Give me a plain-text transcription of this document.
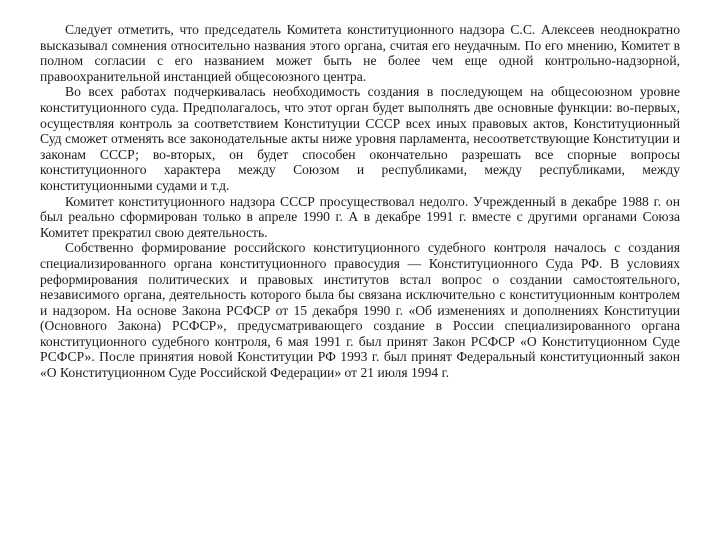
Следует отметить, что председатель Комитета конституционного надзора С.С. Алексеев неоднократно высказывал сомнения относительно названия этого органа, считая его неудачным. По его мнению, Комитет в полном согласии с его названием может быть не более чем еще одной контрольно-надзорной, правоохранительной инстанцией общесоюзного центра.

Во всех работах подчеркивалась необходимость создания в последующем на общесоюзном уровне конституционного суда. Предполагалось, что этот орган будет выполнять две основные функции: во-первых, осуществляя контроль за соответствием Конституции СССР всех иных правовых актов, Конституционный Суд сможет отменять все законодательные акты ниже уровня парламента, несоответствующие Конституции и законам СССР; во-вторых, он будет способен окончательно разрешать все спорные вопросы конституционного характера между Союзом и республиками, между республиками, между конституционными судами и т.д.

Комитет конституционного надзора СССР просуществовал недолго. Учрежденный в декабре 1988 г. он был реально сформирован только в апреле 1990 г. А в декабре 1991 г. вместе с другими органами Союза Комитет прекратил свою деятельность.

Собственно формирование российского конституционного судебного контроля началось с создания специализированного органа конституционного правосудия — Конституционного Суда РФ. В условиях реформирования политических и правовых институтов встал вопрос о создании самостоятельного, независимого органа, деятельность которого была бы связана исключительно с конституционным контролем и надзором. На основе Закона РСФСР от 15 декабря 1990 г. «Об изменениях и дополнениях Конституции (Основного Закона) РСФСР», предусматривающего создание в России специализированного органа конституционного судебного контроля, 6 мая 1991 г. был принят Закон РСФСР «О Конституционном Суде РСФСР». После принятия новой Конституции РФ 1993 г. был принят Федеральный конституционный закон «О Конституционном Суде Российской Федерации» от 21 июля 1994 г.
